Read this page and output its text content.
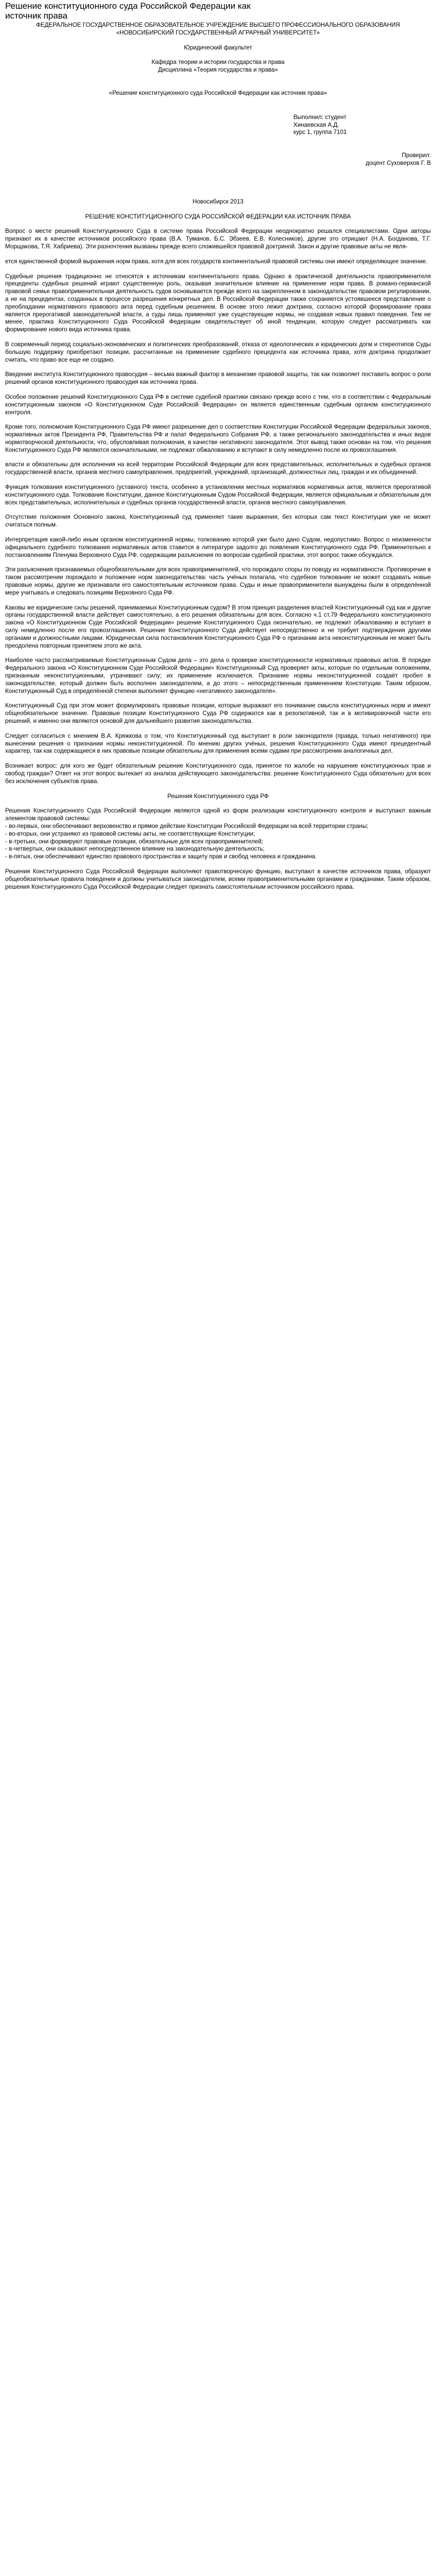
Решение конституционного суда Российской Федерации как источник права
ФЕДЕРАЛЬНОЕ ГОСУДАРСТВЕННОЕ ОБРАЗОВАТЕЛЬНОЕ УЧРЕЖДЕНИЕ ВЫСШЕГО ПРОФЕССИОНАЛЬНОГО ОБРАЗОВАНИЯ
«НОВОСИБИРСКИЙ ГОСУДАРСТВЕННЫЙ АГРАРНЫЙ УНИВЕРСИТЕТ»
Юридический факультет
Кафедра теории и истории государства и права
Дисциплина «Теория государства и права»
«Решение конституционного суда Российской Федерации как источник права»

Выполнил: студент

Хинаевская А.Д.

курс 1, группа 7101

Проверил:
доцент Суховерхов Г. В
Новосибирск 2013
РЕШЕНИЕ КОНСТИТУЦИОННОГО СУДА РОССИЙСКОЙ ФЕДЕРАЦИИ КАК ИСТОЧНИК ПРАВА

Вопрос о месте решений Конституционного Суда в системе права Российской Федерации неоднократно решался специалистами. Одни авторы признают их в качестве источников российского права (В.А. Туманов, Б.С. Эбзеев, Е.В. Колесников), другие это отрицают (Н.А. Богданова, Т.Г. Морщакова, Т.Я. Хабриева). Эти разночтения вызваны прежде всего сложившейся правовой доктриной. Закон и другие правовые акты не явля-

ется единственной формой выражения норм права, хотя для всех государств континентальной правовой системы они имеют определяющее значение.

Судебные решения традиционно не относятся к источникам континентального права. Однако в практической деятельности правоприменителя прецеденты судебных решений играют существенную роль, оказывая значительное влияние на применение норм права. В романо-германской правовой семье правоприменительная деятельность судов основывается прежде всего на закрепленном в законодательстве правовом регулировании, а не на прецедентах, созданных в процессе разрешения конкретных дел. В Российской Федерации также сохраняется устоявшееся представление о преобладании нормативного правового акта перед судебным решением. В основе этого лежит доктрина, согласно которой формирование права является прерогативой законодательной власти, а суды лишь применяют уже существующие нормы, не создавая новых правил поведения. Тем не менее, практика Конституционного Суда Российской Федерации свидетельствует об иной тенденции, которую следует рассматривать как формирование нового вида источника права.

В современный период социально-экономических и политических преобразований, отказа от идеологических и юридических догм и стереотипов Суды большую поддержку приобретают позиции, рассчитанные на применение судебного прецедента как источника права, хотя доктрина продолжает считать, что право все еще не создано.

Введение института Конституционного правосудия – весьма важный фактор в механизме правовой защиты, так как позволяет поставить вопрос о роли решений органов конституционного правосудия как источника права.

Особое положение решений Конституционного Суда РФ в системе судебной практики связано прежде всего с тем, что в соответствии с Федеральным конституционным законом «О Конституционном Суде Российской Федерации» он является единственным судебным органом конституционного контроля.

Кроме того, полномочия Конституционного Суда РФ имеют разрешение дел о соответствии Конституции Российской Федерации федеральных законов, нормативных актов Президента РФ, Правительства РФ и палат Федерального Собрания РФ, а также регионального законодательства и иных видов нормотворческой деятельности, что, обусловливая полномочия, в качестве негативного законодателя. Этот вывод также основан на том, что решения Конституционного Суда РФ являются окончательными, не подлежат обжалованию и вступают в силу немедленно после их провозглашения.

власти и обязательны для исполнения на всей территории Российской Федерации для всех представительных, исполнительных и судебных органов государственной власти, органов местного самоуправления, предприятий, учреждений, организаций, должностных лиц, граждан и их объединений.

Функция толкования конституционного (уставного) текста, особенно в установлении местных нормативов нормативных актов, является прерогативой конституционного суда. Толкование Конституции, данное Конституционным Судом Российской Федерации, является официальным и обязательным для всех представительных, исполнительных и судебных органов государственной власти, органов местного самоуправления.

Отсутствие положения Основного закона, Конституционный суд применяет такие выражения, без которых сам текст Конституции уже не может считаться полным.

Интерпретация какой-либо иным органом конституционной нормы, толкованию которой уже было дано Судом, недопустимо. Вопрос о неизменности официального судебного толкования нормативных актов ставится в литературе задолго до появления Конституционного суда РФ. Применительно к постановлениям Пленума Верховного Суда РФ, содержащим разъяснения по вопросам судебной практики, этот вопрос также обсуждался.

Эти разъяснения признаваемых общеобязательными для всех правоприменителей, что порождало споры по поводу их нормативности. Противоречие в таком рассмотрении порождало и положение норм законодательства: часть учёных полагала, что судебное толкование не может создавать новые правовые нормы, другие же признавали его самостоятельным источником права. Суды и иные правоприменители вынуждены были в определённой мере учитывать и следовать позициям Верховного Суда РФ.

Каковы же юридические силы решений, принимаемых Конституционным судом? В этом принцип разделения властей Конституционный суд как и другие органы государственной власти действует самостоятельно, а его решения обязательны для всех. Согласно ч.1 ст.79 Федерального конституционного закона «О Конституционном Суде Российской Федерации» решение Конституционного Суда окончательно, не подлежит обжалованию и вступает в силу немедленно после его провозглашения. Решение Конституционного Суда действует непосредственно и не требует подтверждения другими органами и должностными лицами. Юридическая сила постановления Конституционного Суда РФ о признании акта неконституционным не может быть преодолена повторным принятием этого же акта.

Наиболее часто рассматриваемые Конституционным Судом дела – это дела о проверке конституционности нормативных правовых актов. В порядке Федерального закона «О Конституционном Суде Российской Федерации» Конституционный Суд проверяет акты, которые по отдельным положениям, признанным неконституционными, утрачивают силу; их применение исключается. Признание нормы неконституционной создаёт пробел в законодательстве, который должен быть восполнен законодателем, а до этого – непосредственным применением Конституции. Таким образом, Конституционный Суд в определённой степени выполняет функцию «негативного законодателя».

Конституционный Суд при этом может формулировать правовые позиции, которые выражают его понимание смысла конституционных норм и имеют общеобязательное значение. Правовые позиции Конституционного Суда РФ содержатся как в резолютивной, так и в мотивировочной части его решений, и именно они являются основой для дальнейшего развития законодательства.

Следует согласиться с мнением В.А. Кряжкова о том, что Конституционный суд выступает в роли законодателя (правда, только негативного) при вынесении решения о признании нормы неконституционной. По мнению других учёных, решения Конституционного Суда имеют прецедентный характер, так как содержащиеся в них правовые позиции обязательны для применения всеми судами при рассмотрении аналогичных дел.

Возникает вопрос: для кого же будет обязательным решение Конституционного суда, принятое по жалобе на нарушение конституционных прав и свобод граждан? Ответ на этот вопрос вытекает из анализа действующего законодательства: решение Конституционного Суда обязательно для всех без исключения субъектов права.

Решения Конституционного суда РФ

Решения Конституционного Суда Российской Федерации являются одной из форм реализации конституционного контроля и выступают важным элементом правовой системы:

- во-первых, они обеспечивают верховенство и прямое действие Конституции Российской Федерации на всей территории страны;

- во-вторых, они устраняют из правовой системы акты, не соответствующие Конституции;

- в-третьих, они формируют правовые позиции, обязательные для всех правоприменителей;

- в-четвертых, они оказывают непосредственное влияние на законодательную деятельность;

- в-пятых, они обеспечивают единство правового пространства и защиту прав и свобод человека и гражданина.

Решения Конституционного Суда Российской Федерации выполняют правотворческую функцию, выступают в качестве источников права, образуют общеобязательные правила поведения и должны учитываться законодателем, всеми правоприменительными органами и гражданами. Таким образом, решения Конституционного Суда Российской Федерации следует признать самостоятельным источником российского права.
